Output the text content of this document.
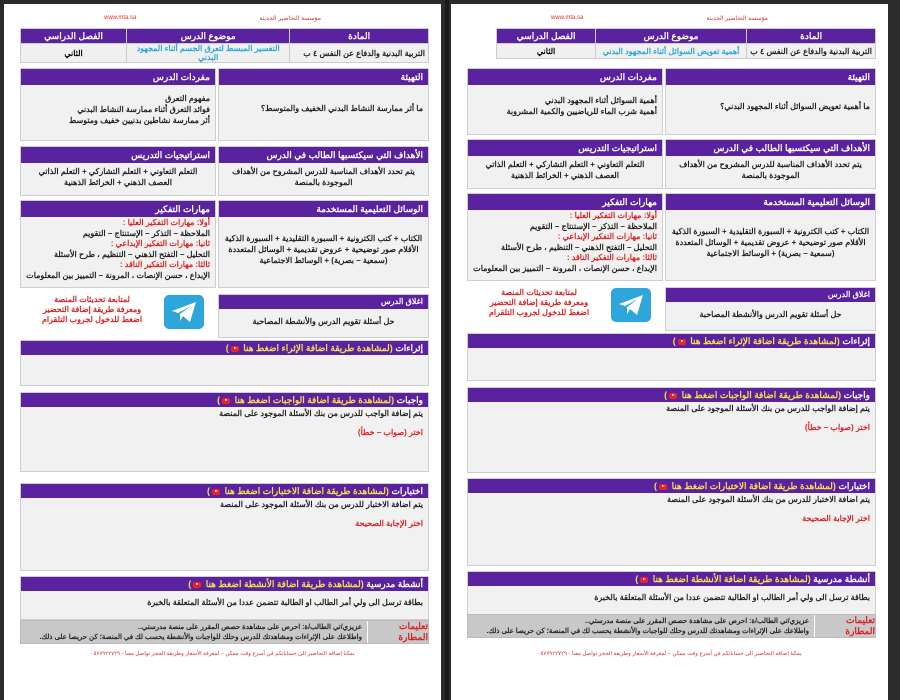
www.mta.sa	مؤسسة التحاضير الحديثة
المادة	موضوع الدرس	الفصل الدراسي
التربية البدنية والدفاع عن النفس ٤ ب	التفسير المبسط لتعرق الجسم أثناء المجهود البدني	الثاني
التهيئة
ما أثر ممارسة النشاط البدني الخفيف والمتوسط؟
مفردات الدرس
مفهوم التعرق
فوائد التعرق أثناء ممارسة النشاط البدني
أثر ممارسة نشاطين بدنيين خفيف ومتوسط
الأهداف التي سيكتسبها الطالب في الدرس
يتم تحدد الأهداف المناسبة للدرس المشروح من الأهداف الموجودة بالمنصة
استراتيجيات التدريس
التعلم التعاوني + التعلم التشاركي + التعلم الذاتي
العصف الذهني + الخرائط الذهنية
الوسائل التعليمية المستخدمة
الكتاب + كتب الكترونية + السبورة التقليدية + السبورة الذكية
الأقلام صور توضيحية + عروض تقديمية + الوسائل المتعددة
(سمعية – بصرية) + الوسائط الاجتماعية
مهارات التفكير
أولا: مهارات التفكير العليا :
الملاحظة – التذكر – الإستنتاج – التقويم
ثانيا: مهارات التفكير الإبداعي :
التحليل – التفتح الذهني – التنظيم ، طرح الأسئلة
ثالثا: مهارات التفكير الناقد :
الإبداع ، حسن الإنصات ، المرونة – التمييز بين المعلومات
اغلاق الدرس
حل أسئلة تقويم الدرس والأنشطة المصاحبة
لمتابعة تحديثات المنصة
ومعرفة طريقة إضافة التحضير
اضغط للدخول لجروب التلقرام
إثراءات (لمشاهدة طريقة اضافة الإثراء اضغط هنا )
واجبات (لمشاهدة طريقة اضافة الواجبات اضغط هنا )
يتم إضافة الواجب للدرس من بنك الأسئلة الموجود على المنصة
اختر (صواب – خطأ)
اختبارات (لمشاهدة طريقة اضافة الاختبارات اضغط هنا )
يتم اضافة الاختبار للدرس من بنك الأسئلة الموجود على المنصة
اختر الإجابة الصحيحة
أنشطة مدرسية (لمشاهدة طريقة اضافة الأنشطة اضغط هنا )
بطاقة ترسل الى ولي أمر الطالب او الطالبة تتضمن عددا من الأسئلة المتعلقة بالخبرة
تعليمات المطارة
عزيزي/تي الطالب/ة: احرص على مشاهدة حصص المقرر على منصة مدرستي..
واطلاعك على الإثراءات ومشاهدتك للدرس وحلك للواجبات والأنشطة يحسب لك في المنصة؛ كن حريصا على ذلك.
يمكنا اضافة التحاضير الى حساباتكم في أسرع وقت ممكن – لمعرفة الأسعار وطريقة الحجز تواصل معنا - ٠٥٧٧٩٢٢٧٢٩
www.mta.sa	مؤسسة التحاضير الحديثة
المادة	موضوع الدرس	الفصل الدراسي
التربية البدنية والدفاع عن النفس ٤ ب	أهمية تعويض السوائل أثناء المجهود البدني	الثاني
التهيئة
ما أهمية تعويض السوائل أثناء المجهود البدني؟
مفردات الدرس
أهمية السوائل أثناء المجهود البدني
أهمية شرب الماء للرياضيين والكمية المشروبة
الأهداف التي سيكتسبها الطالب في الدرس
يتم تحدد الأهداف المناسبة للدرس المشروح من الأهداف الموجودة بالمنصة
استراتيجيات التدريس
التعلم التعاوني + التعلم التشاركي + التعلم الذاتي
العصف الذهني + الخرائط الذهنية
الوسائل التعليمية المستخدمة
الكتاب + كتب الكترونية + السبورة التقليدية + السبورة الذكية
الأقلام صور توضيحية + عروض تقديمية + الوسائل المتعددة
(سمعية – بصرية) + الوسائط الاجتماعية
مهارات التفكير
أولا: مهارات التفكير العليا :
الملاحظة – التذكر – الإستنتاج – التقويم
ثانيا: مهارات التفكير الإبداعي :
التحليل – التفتح الذهني – التنظيم ، طرح الأسئلة
ثالثا: مهارات التفكير الناقد :
الإبداع ، حسن الإنصات ، المرونة – التمييز بين المعلومات
اغلاق الدرس
حل أسئلة تقويم الدرس والأنشطة المصاحبة
لمتابعة تحديثات المنصة
ومعرفة طريقة إضافة التحضير
اضغط للدخول لجروب التلقرام
إثراءات (لمشاهدة طريقة اضافة الإثراء اضغط هنا )
واجبات (لمشاهدة طريقة اضافة الواجبات اضغط هنا )
يتم إضافة الواجب للدرس من بنك الأسئلة الموجود على المنصة
اختر (صواب – خطأ)
اختبارات (لمشاهدة طريقة اضافة الاختبارات اضغط هنا )
يتم اضافة الاختبار للدرس من بنك الأسئلة الموجود على المنصة
اختر الإجابة الصحيحة
أنشطة مدرسية (لمشاهدة طريقة اضافة الأنشطة اضغط هنا )
بطاقة ترسل الى ولي أمر الطالب او الطالبة تتضمن عددا من الأسئلة المتعلقة بالخبرة
تعليمات المطارة
عزيزي/تي الطالب/ة: احرص على مشاهدة حصص المقرر على منصة مدرستي..
واطلاعك على الإثراءات ومشاهدتك للدرس وحلك للواجبات والأنشطة يحسب لك في المنصة؛ كن حريصا على ذلك.
يمكنا اضافة التحاضير الى حساباتكم في أسرع وقت ممكن – لمعرفة الأسعار وطريقة الحجز تواصل معنا - ٠٥٧٧٩٢٢٧٢٩
